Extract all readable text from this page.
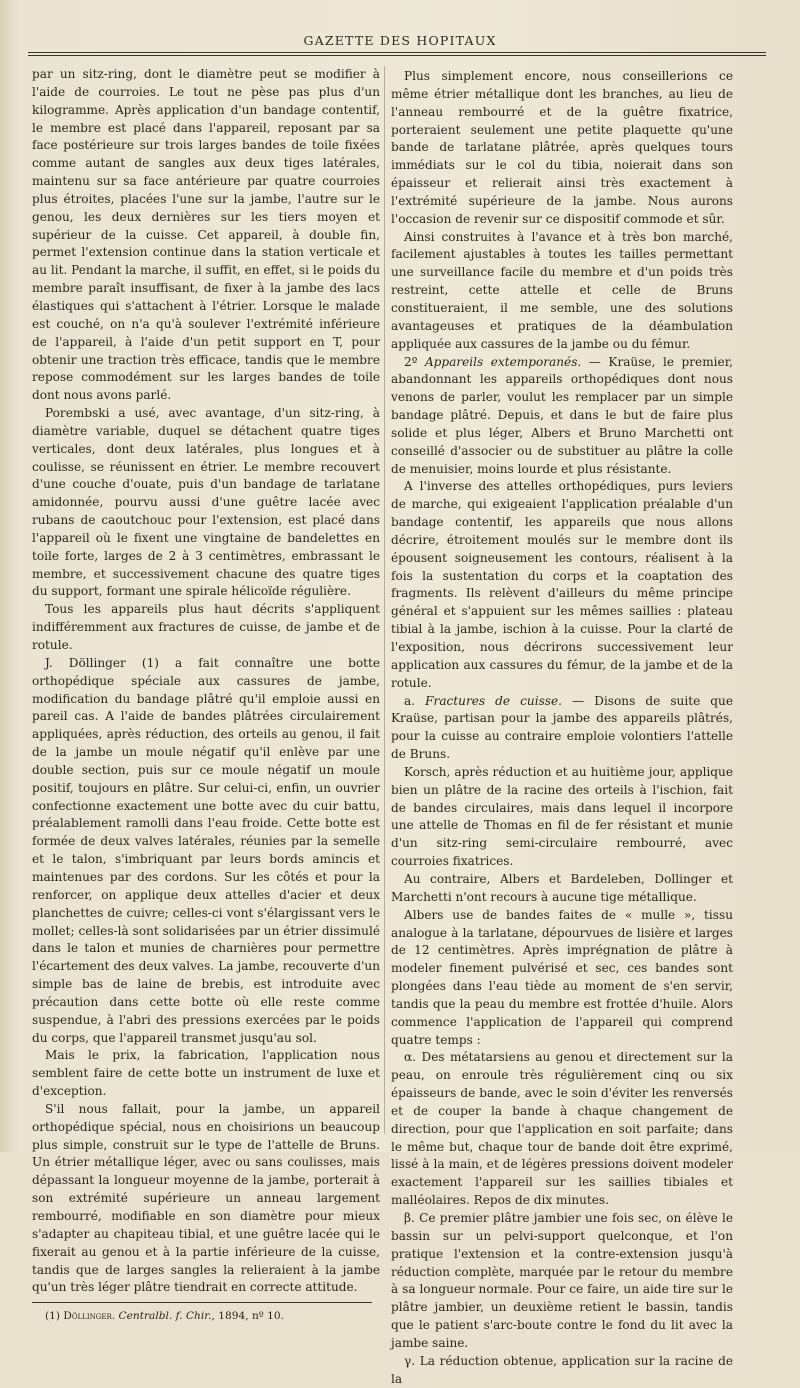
GAZETTE DES HOPITAUX

par un sitz-ring, dont le diamètre peut se modifier à l'aide de courroies. Le tout ne pèse pas plus d'un kilogramme. Après application d'un bandage contentif, le membre est placé dans l'appareil, reposant par sa face postérieure sur trois larges bandes de toile fixées comme autant de sangles aux deux tiges latérales, maintenu sur sa face antérieure par quatre courroies plus étroites, placées l'une sur la jambe, l'autre sur le genou, les deux dernières sur les tiers moyen et supérieur de la cuisse. Cet appareil, à double fin, permet l'extension continue dans la station verticale et au lit. Pendant la marche, il suffit, en effet, si le poids du membre paraît insuffisant, de fixer à la jambe des lacs élastiques qui s'attachent à l'étrier. Lorsque le malade est couché, on n'a qu'à soulever l'extrémité inférieure de l'appareil, à l'aide d'un petit support en T, pour obtenir une traction très efficace, tandis que le membre repose commodément sur les larges bandes de toile dont nous avons parlé.

Porembski a usé, avec avantage, d'un sitz-ring, à diamètre variable, duquel se détachent quatre tiges verticales, dont deux latérales, plus longues et à coulisse, se réunissent en étrier. Le membre recouvert d'une couche d'ouate, puis d'un bandage de tarlatane amidonnée, pourvu aussi d'une guêtre lacée avec rubans de caoutchouc pour l'extension, est placé dans l'appareil où le fixent une vingtaine de bandelettes en toile forte, larges de 2 à 3 centimètres, embrassant le membre, et successivement chacune des quatre tiges du support, formant une spirale hélicoïde régulière.

Tous les appareils plus haut décrits s'appliquent indifféremment aux fractures de cuisse, de jambe et de rotule.

J. Döllinger (1) a fait connaître une botte orthopédique spéciale aux cassures de jambe, modification du bandage plâtré qu'il emploie aussi en pareil cas. A l'aide de bandes plâtrées circulairement appliquées, après réduction, des orteils au genou, il fait de la jambe un moule négatif qu'il enlève par une double section, puis sur ce moule négatif un moule positif, toujours en plâtre. Sur celui-ci, enfin, un ouvrier confectionne exactement une botte avec du cuir battu, préalablement ramolli dans l'eau froide. Cette botte est formée de deux valves latérales, réunies par la semelle et le talon, s'imbriquant par leurs bords amincis et maintenues par des cordons. Sur les côtés et pour la renforcer, on applique deux attelles d'acier et deux planchettes de cuivre; celles-ci vont s'élargissant vers le mollet; celles-là sont solidarisées par un étrier dissimulé dans le talon et munies de charnières pour permettre l'écartement des deux valves. La jambe, recouverte d'un simple bas de laine de brebis, est introduite avec précaution dans cette botte où elle reste comme suspendue, à l'abri des pressions exercées par le poids du corps, que l'appareil transmet jusqu'au sol.

Mais le prix, la fabrication, l'application nous semblent faire de cette botte un instrument de luxe et d'exception.

S'il nous fallait, pour la jambe, un appareil orthopédique spécial, nous en choisirions un beaucoup plus simple, construit sur le type de l'attelle de Bruns. Un étrier métallique léger, avec ou sans coulisses, mais dépassant la longueur moyenne de la jambe, porterait à son extrémité supérieure un anneau largement rembourré, modifiable en son diamètre pour mieux s'adapter au chapiteau tibial, et une guêtre lacée qui le fixerait au genou et à la partie inférieure de la cuisse, tandis que de larges sangles la relieraient à la jambe qu'un très léger plâtre tiendrait en correcte attitude.

(1) Döllinger. Centralbl. f. Chir., 1894, nº 10.

Plus simplement encore, nous conseillerions ce même étrier métallique dont les branches, au lieu de l'anneau rembourré et de la guêtre fixatrice, porteraient seulement une petite plaquette qu'une bande de tarlatane plâtrée, après quelques tours immédiats sur le col du tibia, noierait dans son épaisseur et relierait ainsi très exactement à l'extrémité supérieure de la jambe. Nous aurons l'occasion de revenir sur ce dispositif commode et sûr.

Ainsi construites à l'avance et à très bon marché, facilement ajustables à toutes les tailles permettant une surveillance facile du membre et d'un poids très restreint, cette attelle et celle de Bruns constitueraient, il me semble, une des solutions avantageuses et pratiques de la déambulation appliquée aux cassures de la jambe ou du fémur.

2º Appareils extemporanés. — Kraüse, le premier, abandonnant les appareils orthopédiques dont nous venons de parler, voulut les remplacer par un simple bandage plâtré. Depuis, et dans le but de faire plus solide et plus léger, Albers et Bruno Marchetti ont conseillé d'associer ou de substituer au plâtre la colle de menuisier, moins lourde et plus résistante.

A l'inverse des attelles orthopédiques, purs leviers de marche, qui exigeaient l'application préalable d'un bandage contentif, les appareils que nous allons décrire, étroitement moulés sur le membre dont ils épousent soigneusement les contours, réalisent à la fois la sustentation du corps et la coaptation des fragments. Ils relèvent d'ailleurs du même principe général et s'appuient sur les mêmes saillies : plateau tibial à la jambe, ischion à la cuisse. Pour la clarté de l'exposition, nous décrirons successivement leur application aux cassures du fémur, de la jambe et de la rotule.

a. Fractures de cuisse. — Disons de suite que Kraüse, partisan pour la jambe des appareils plâtrés, pour la cuisse au contraire emploie volontiers l'attelle de Bruns.

Korsch, après réduction et au huitième jour, applique bien un plâtre de la racine des orteils à l'ischion, fait de bandes circulaires, mais dans lequel il incorpore une attelle de Thomas en fil de fer résistant et munie d'un sitz-ring semi-circulaire rembourré, avec courroies fixatrices.

Au contraire, Albers et Bardeleben, Dollinger et Marchetti n'ont recours à aucune tige métallique.

Albers use de bandes faites de « mulle », tissu analogue à la tarlatane, dépourvues de lisière et larges de 12 centimètres. Après imprégnation de plâtre à modeler finement pulvérisé et sec, ces bandes sont plongées dans l'eau tiède au moment de s'en servir, tandis que la peau du membre est frottée d'huile. Alors commence l'application de l'appareil qui comprend quatre temps :

α. Des métatarsiens au genou et directement sur la peau, on enroule très régulièrement cinq ou six épaisseurs de bande, avec le soin d'éviter les renversés et de couper la bande à chaque changement de direction, pour que l'application en soit parfaite; dans le même but, chaque tour de bande doit être exprimé, lissé à la main, et de légères pressions doivent modeler exactement l'appareil sur les saillies tibiales et malléolaires. Repos de dix minutes.

β. Ce premier plâtre jambier une fois sec, on élève le bassin sur un pelvi-support quelconque, et l'on pratique l'extension et la contre-extension jusqu'à réduction complète, marquée par le retour du membre à sa longueur normale. Pour ce faire, un aide tire sur le plâtre jambier, un deuxième retient le bassin, tandis que le patient s'arc-boute contre le fond du lit avec la jambe saine.

γ. La réduction obtenue, application sur la racine de la
